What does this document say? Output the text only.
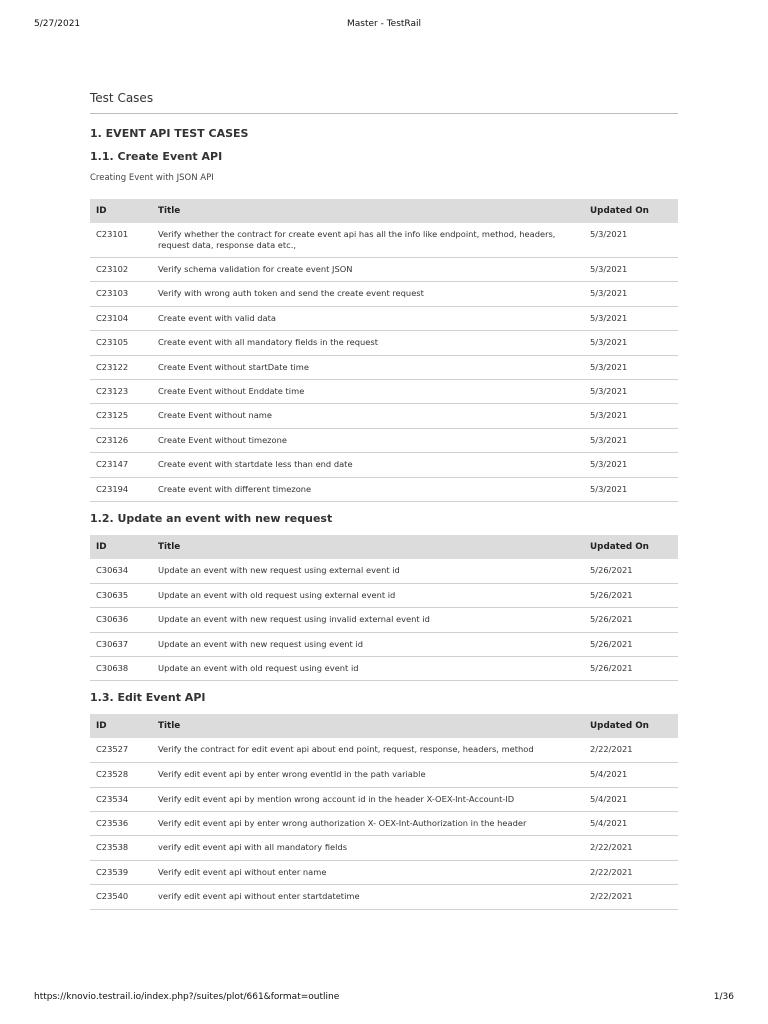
5/27/2021	Master - TestRail
Test Cases
1. EVENT API TEST CASES
1.1. Create Event API

Creating Event with JSON API

ID	Title	Updated On
C23101	Verify whether the contract for create event api has all the info like endpoint, method, headers, request data, response data etc.,	5/3/2021
C23102	Verify schema validation for create event JSON	5/3/2021
C23103	Verify with wrong auth token and send the create event request	5/3/2021
C23104	Create event with valid data	5/3/2021
C23105	Create event with all mandatory fields in the request	5/3/2021
C23122	Create Event without startDate time	5/3/2021
C23123	Create Event without Enddate time	5/3/2021
C23125	Create Event without name	5/3/2021
C23126	Create Event without timezone	5/3/2021
C23147	Create event with startdate less than end date	5/3/2021
C23194	Create event with different timezone	5/3/2021
1.2. Update an event with new request
ID	Title	Updated On
C30634	Update an event with new request using external event id	5/26/2021
C30635	Update an event with old request using external event id	5/26/2021
C30636	Update an event with new request using invalid external event id	5/26/2021
C30637	Update an event with new request using event id	5/26/2021
C30638	Update an event with old request using event id	5/26/2021
1.3. Edit Event API
ID	Title	Updated On
C23527	Verify the contract for edit event api about end point, request, response, headers, method	2/22/2021
C23528	Verify edit event api by enter wrong eventId in the path variable	5/4/2021
C23534	Verify edit event api by mention wrong account id in the header X-OEX-Int-Account-ID	5/4/2021
C23536	Verify edit event api by enter wrong authorization X- OEX-Int-Authorization in the header	5/4/2021
C23538	verify edit event api with all mandatory fields	2/22/2021
C23539	Verify edit event api without enter name	2/22/2021
C23540	verify edit event api without enter startdatetime	2/22/2021
https://knovio.testrail.io/index.php?/suites/plot/661&format=outline	1/36
